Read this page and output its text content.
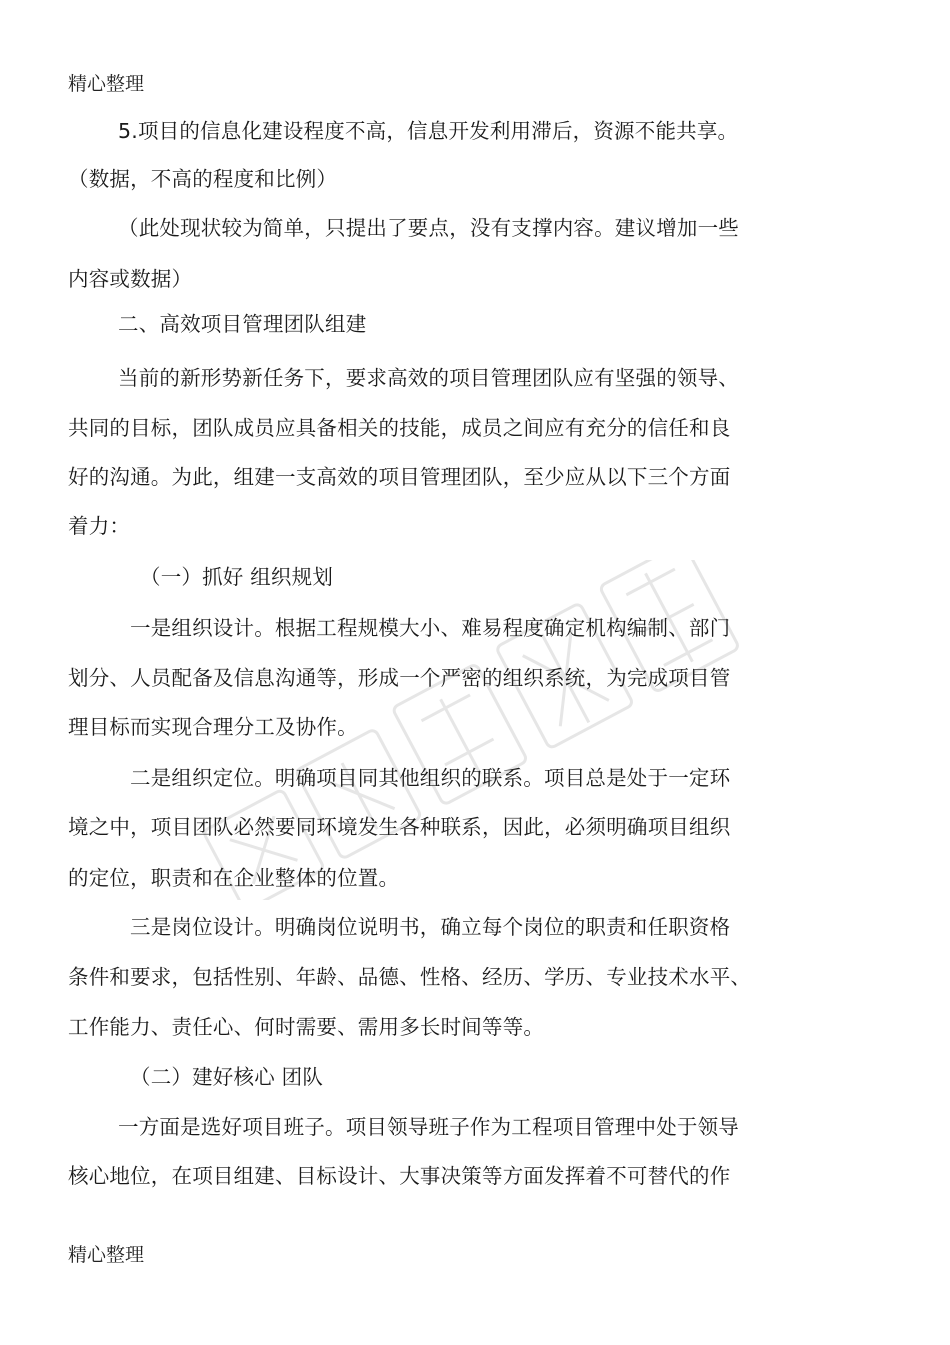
精心整理
5.项目的信息化建设程度不高，信息开发利用滞后，资源不能共享。
（数据，不高的程度和比例）
（此处现状较为简单，只提出了要点，没有支撑内容。建议增加一些
内容或数据）
二、高效项目管理团队组建
当前的新形势新任务下，要求高效的项目管理团队应有坚强的领导、
共同的目标，团队成员应具备相关的技能，成员之间应有充分的信任和良
好的沟通。为此，组建一支高效的项目管理团队，至少应从以下三个方面
着力：
（一）抓好 组织规划
一是组织设计。根据工程规模大小、难易程度确定机构编制、部门
划分、人员配备及信息沟通等，形成一个严密的组织系统，为完成项目管
理目标而实现合理分工及协作。
二是组织定位。明确项目同其他组织的联系。项目总是处于一定环
境之中，项目团队必然要同环境发生各种联系，因此，必须明确项目组织
的定位，职责和在企业整体的位置。
三是岗位设计。明确岗位说明书，确立每个岗位的职责和任职资格
条件和要求，包括性别、年龄、品德、性格、经历、学历、专业技术水平、
工作能力、责任心、何时需要、需用多长时间等等。
（二）建好核心 团队
一方面是选好项目班子。项目领导班子作为工程项目管理中处于领导
核心地位，在项目组建、目标设计、大事决策等方面发挥着不可替代的作
精心整理
